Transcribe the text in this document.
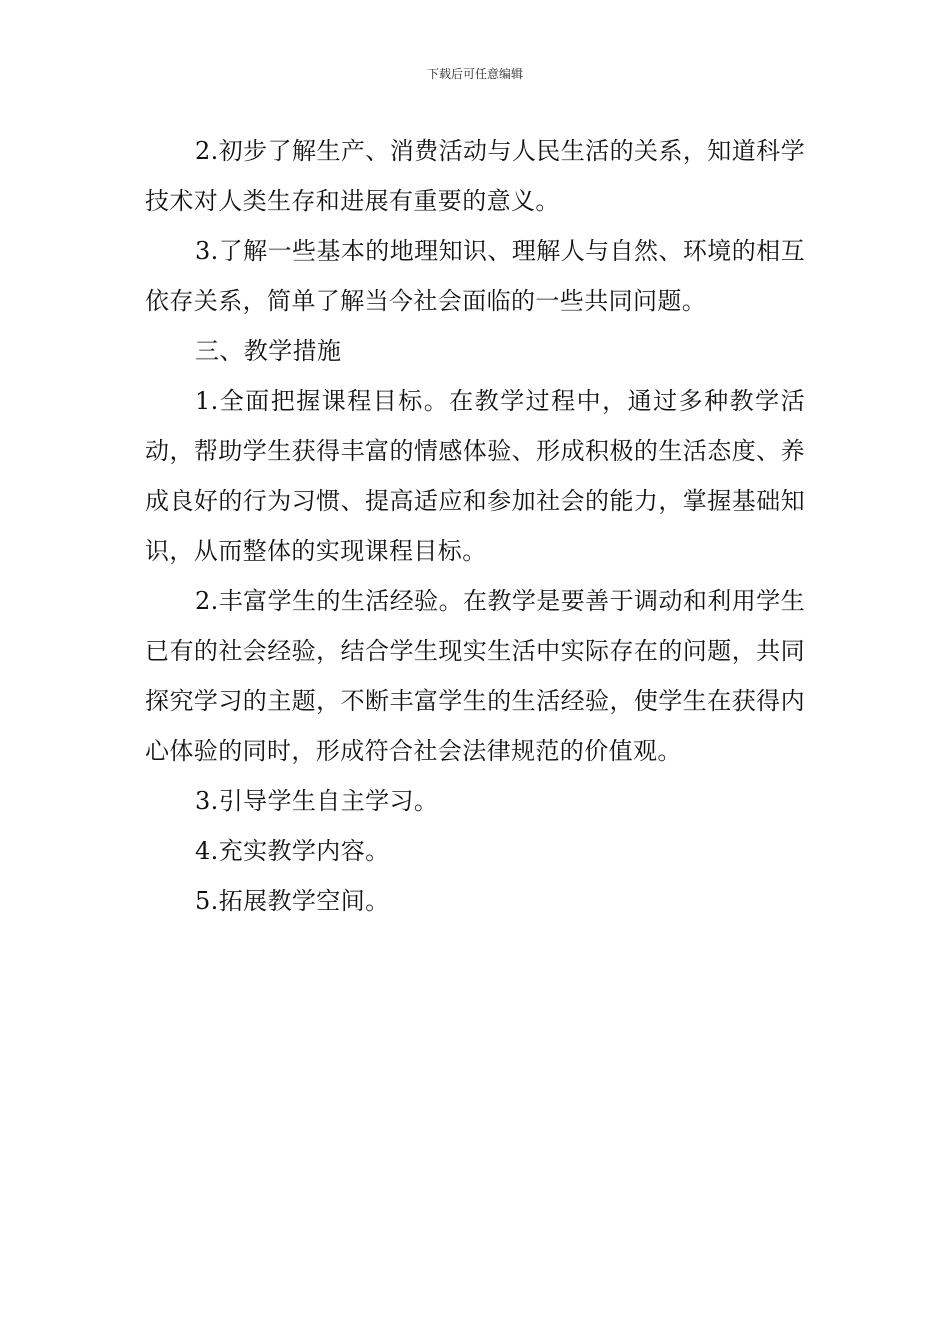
下载后可任意编辑

2.初步了解生产、消费活动与人民生活的关系，知道科学技术对人类生存和进展有重要的意义。

3.了解一些基本的地理知识、理解人与自然、环境的相互依存关系，简单了解当今社会面临的一些共同问题。

三、教学措施

1.全面把握课程目标。在教学过程中，通过多种教学活动，帮助学生获得丰富的情感体验、形成积极的生活态度、养成良好的行为习惯、提高适应和参加社会的能力，掌握基础知识，从而整体的实现课程目标。

2.丰富学生的生活经验。在教学是要善于调动和利用学生已有的社会经验，结合学生现实生活中实际存在的问题，共同探究学习的主题，不断丰富学生的生活经验，使学生在获得内心体验的同时，形成符合社会法律规范的价值观。

3.引导学生自主学习。

4.充实教学内容。

5.拓展教学空间。
